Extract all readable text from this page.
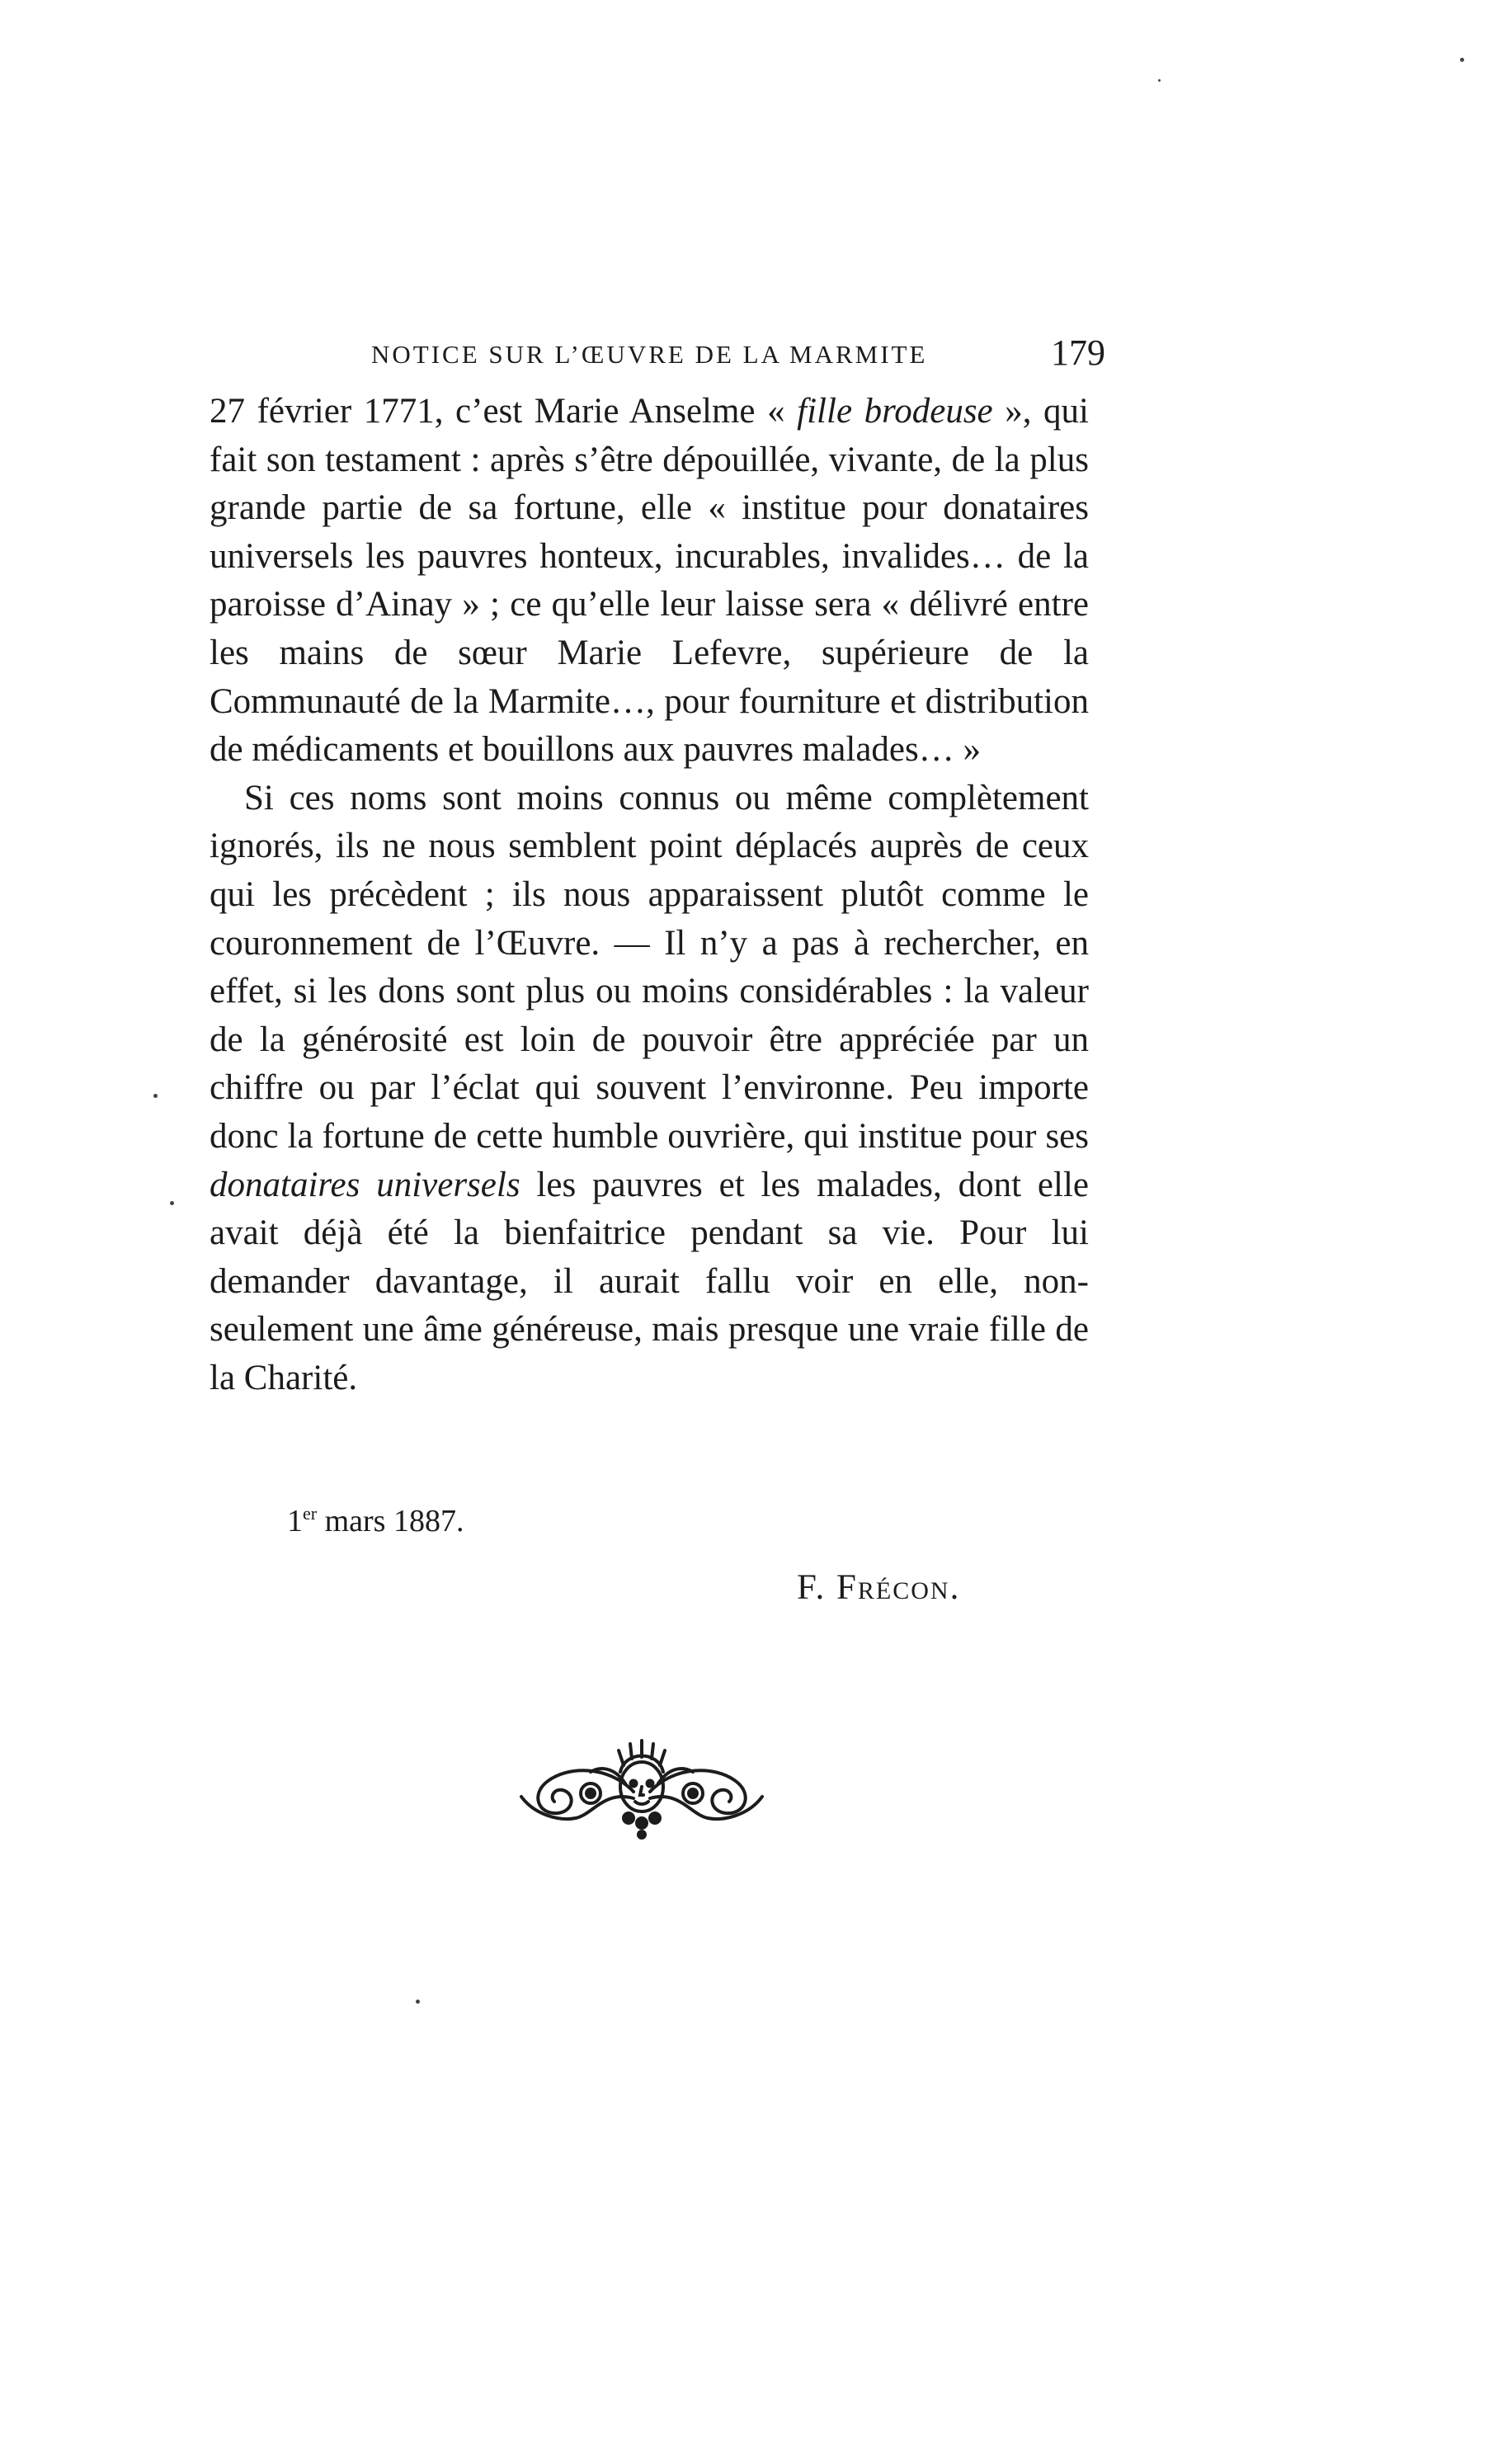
NOTICE SUR L’ŒUVRE DE LA MARMITE	179

27 février 1771, c’est Marie Anselme « fille brodeuse », qui fait son testament : après s’être dépouillée, vivante, de la plus grande partie de sa fortune, elle « institue pour donataires universels les pauvres honteux, incurables, invalides… de la paroisse d’Ainay » ; ce qu’elle leur laisse sera « délivré entre les mains de sœur Marie Lefevre, supérieure de la Communauté de la Marmite…, pour fourniture et distribution de médicaments et bouillons aux pauvres malades… »

Si ces noms sont moins connus ou même complètement ignorés, ils ne nous semblent point déplacés auprès de ceux qui les précèdent ; ils nous apparaissent plutôt comme le couronnement de l’Œuvre. — Il n’y a pas à rechercher, en effet, si les dons sont plus ou moins considérables : la valeur de la générosité est loin de pouvoir être appréciée par un chiffre ou par l’éclat qui souvent l’environne. Peu importe donc la fortune de cette humble ouvrière, qui institue pour ses donataires universels les pauvres et les malades, dont elle avait déjà été la bienfaitrice pendant sa vie. Pour lui demander davantage, il aurait fallu voir en elle, non-seulement une âme généreuse, mais presque une vraie fille de la Charité.

1er mars 1887.
F. Frécon.
